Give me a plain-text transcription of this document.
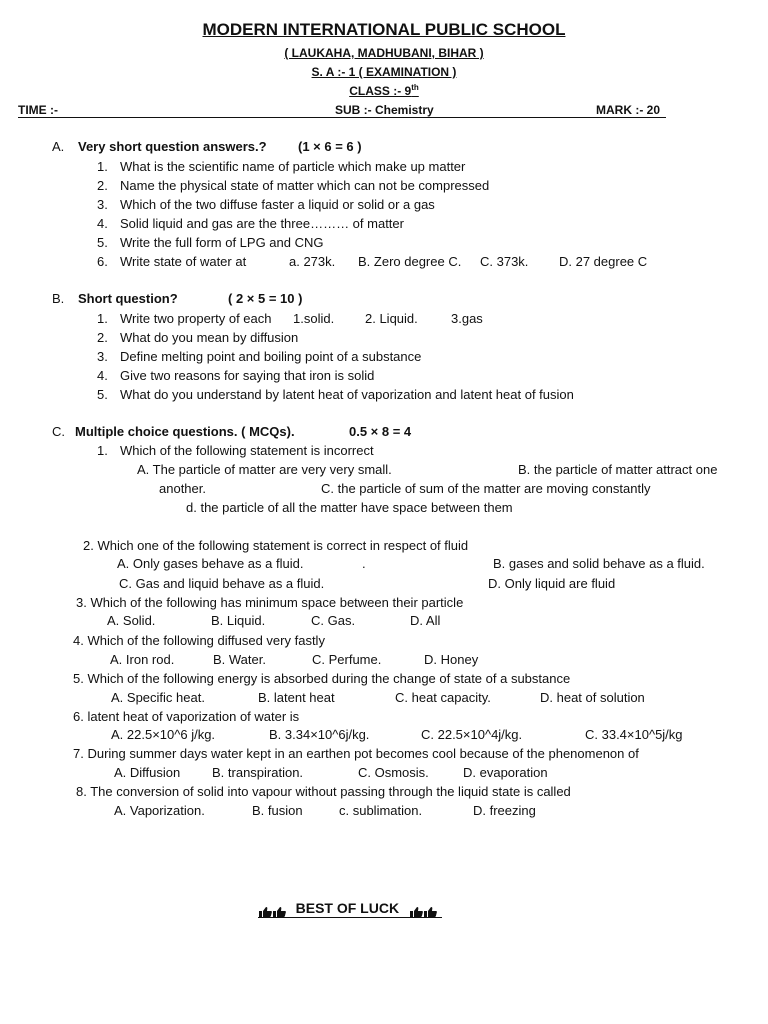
MODERN INTERNATIONAL PUBLIC SCHOOL
( LAUKAHA, MADHUBANI, BIHAR )
S. A :- 1 ( EXAMINATION )
CLASS :- 9th
TIME :-	SUB :- Chemistry	MARK :- 20
A. Very short question answers.? (1 × 6 = 6 )
1. What is the scientific name of particle which make up matter
2. Name the physical state of matter which can not be compressed
3. Which of the two diffuse faster a liquid or solid or a gas
4. Solid liquid and gas are the three……… of matter
5. Write the full form of LPG and CNG
6. Write state of water at	a. 273k. B. Zero degree C. C. 373k. D. 27 degree C
B. Short question?	( 2 × 5 = 10 )
1. Write two property of each 1.solid. 2. Liquid.	3.gas
2. What do you mean by diffusion
3. Define melting point and boiling point of a substance
4. Give two reasons for saying that iron is solid
5. What do you understand by latent heat of vaporization and latent heat of fusion
C. Multiple choice questions. ( MCQs).	0.5 × 8 = 4
1. Which of the following statement is incorrect
A. The particle of matter are very very small.	B. the particle of matter attract one
another.	C. the particle of sum of the matter are moving constantly
d. the particle of all the matter have space between them
2. Which one of the following statement is correct in respect of fluid
A. Only gases behave as a fluid.	.	B. gases and solid behave as a fluid.
C. Gas and liquid behave as a fluid.	D. Only liquid are fluid
3. Which of the following has minimum space between their particle
A. Solid.	B. Liquid.	C. Gas.	D. All
4. Which of the following diffused very fastly
A. Iron rod.	B. Water.	C. Perfume.	D. Honey
5. Which of the following energy is absorbed during the change of state of a substance
A. Specific heat.	B. latent heat	C. heat capacity.	D. heat of solution
6. latent heat of vaporization of water is
A. 22.5×10^6 j/kg.	B. 3.34×10^6j/kg.	C. 22.5×10^4j/kg.	C. 33.4×10^5j/kg
7. During summer days water kept in an earthen pot becomes cool because of the phenomenon of
A. Diffusion B. transpiration.	C. Osmosis.	D. evaporation
8. The conversion of solid into vapour without passing through the liquid state is called
A. Vaporization.	B. fusion	c. sublimation.	D. freezing
BEST OF LUCK
